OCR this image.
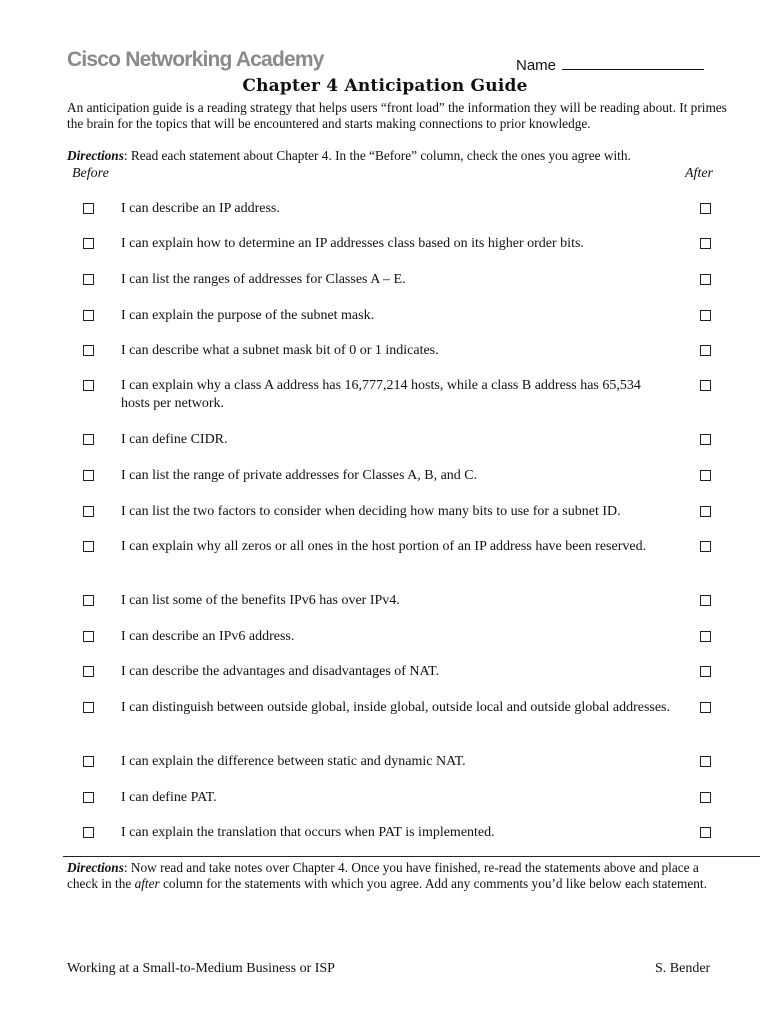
Cisco Networking Academy	Name
Chapter 4 Anticipation Guide
An anticipation guide is a reading strategy that helps users “front load” the information they will be reading about. It primes the brain for the topics that will be encountered and starts making connections to prior knowledge.
Directions: Read each statement about Chapter 4. In the “Before” column, check the ones you agree with.
Before	After
I can describe an IP address.
I can explain how to determine an IP addresses class based on its higher order bits.
I can list the ranges of addresses for Classes A – E.
I can explain the purpose of the subnet mask.
I can describe what a subnet mask bit of 0 or 1 indicates.
I can explain why a class A address has 16,777,214 hosts, while a class B address has 65,534 hosts per network.
I can define CIDR.
I can list the range of private addresses for Classes A, B, and C.
I can list the two factors to consider when deciding how many bits to use for a subnet ID.
I can explain why all zeros or all ones in the host portion of an IP address have been reserved.
I can list some of the benefits IPv6 has over IPv4.
I can describe an IPv6 address.
I can describe the advantages and disadvantages of NAT.
I can distinguish between outside global, inside global, outside local and outside global addresses.
I can explain the difference between static and dynamic NAT.
I can define PAT.
I can explain the translation that occurs when PAT is implemented.
Directions: Now read and take notes over Chapter 4. Once you have finished, re-read the statements above and place a check in the after column for the statements with which you agree. Add any comments you’d like below each statement.
Working at a Small-to-Medium Business or ISP	S. Bender
